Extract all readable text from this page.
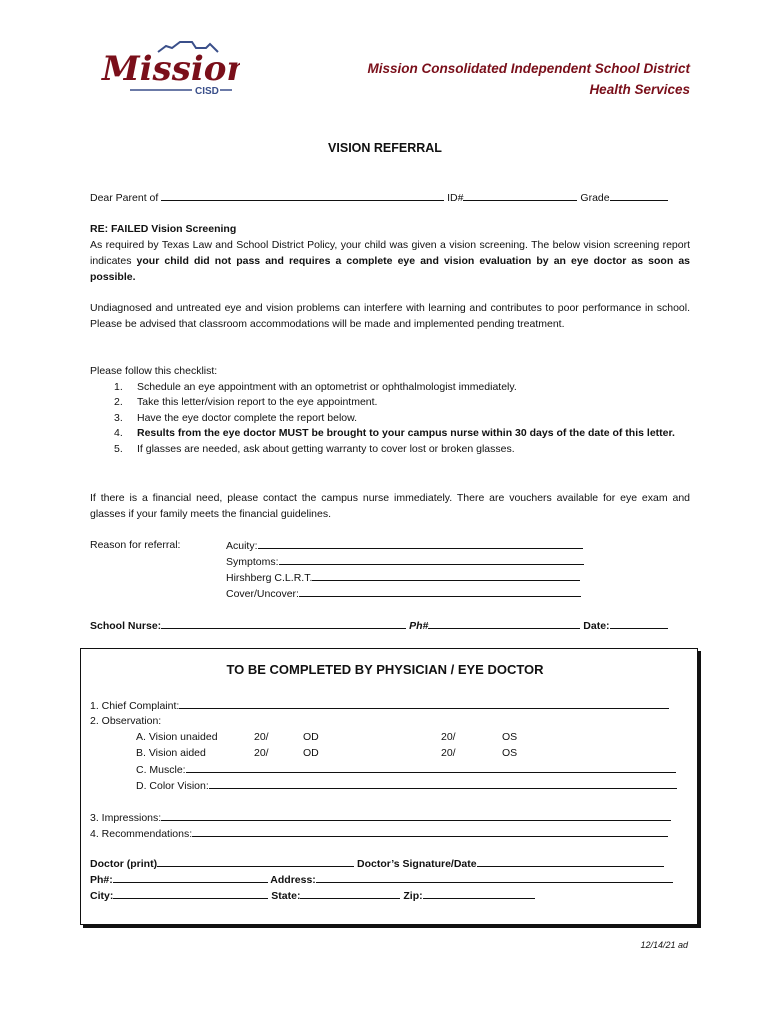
Mission
CISD
Mission Consolidated Independent School District
Health Services
VISION REFERRAL
Dear Parent of	ID#	Grade
RE: FAILED Vision Screening
As required by Texas Law and School District Policy, your child was given a vision screening. The below vision screening report indicates your child did not pass and requires a complete eye and vision evaluation by an eye doctor as soon as possible.
Undiagnosed and untreated eye and vision problems can interfere with learning and contributes to poor performance in school. Please be advised that classroom accommodations will be made and implemented pending treatment.
Please follow this checklist:
1. Schedule an eye appointment with an optometrist or ophthalmologist immediately.
2. Take this letter/vision report to the eye appointment.
3. Have the eye doctor complete the report below.
4. Results from the eye doctor MUST be brought to your campus nurse within 30 days of the date of this letter.
5. If glasses are needed, ask about getting warranty to cover lost or broken glasses.
If there is a financial need, please contact the campus nurse immediately. There are vouchers available for eye exam and glasses if your family meets the financial guidelines.
Reason for referral:	Acuity:
Symptoms:
Hirshberg C.L.R.T.
Cover/Uncover:
School Nurse:	Ph#	Date:
TO BE COMPLETED BY PHYSICIAN / EYE DOCTOR
1. Chief Complaint:
2. Observation:
A. Vision unaided	20/	OD	20/	OS
B. Vision aided	20/	OD	20/	OS
C. Muscle:
D. Color Vision:
3. Impressions:
4. Recommendations:
Doctor (print)	Doctor’s Signature/Date
Ph#:	Address:
City:	State:	Zip:
12/14/21 ad
